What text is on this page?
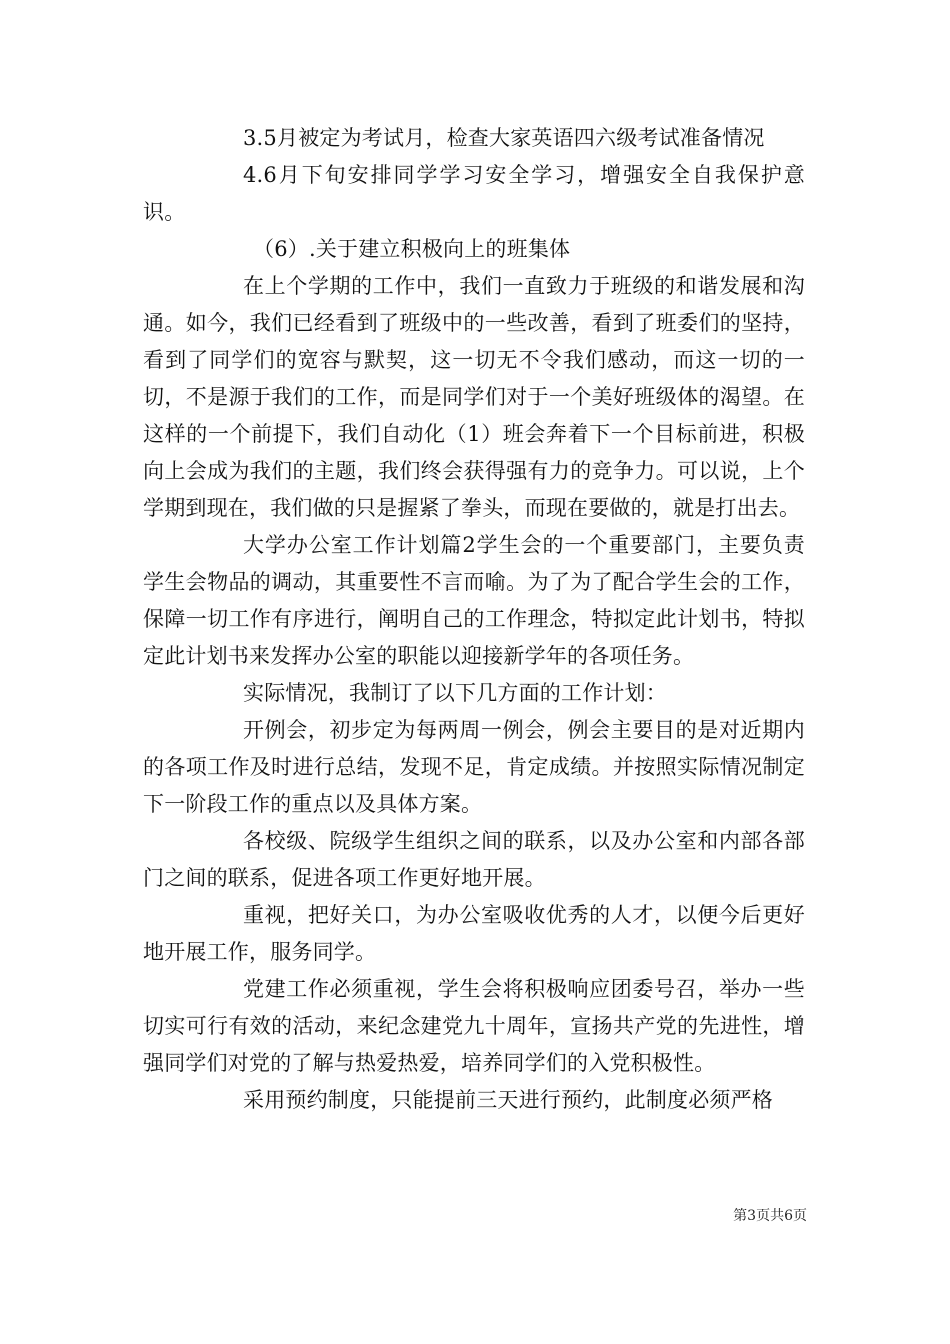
3.5月被定为考试月，检查大家英语四六级考试准备情况

4.6月下旬安排同学学习安全学习，增强安全自我保护意识。

（6）.关于建立积极向上的班集体

在上个学期的工作中，我们一直致力于班级的和谐发展和沟通。如今，我们已经看到了班级中的一些改善，看到了班委们的坚持，看到了同学们的宽容与默契，这一切无不令我们感动，而这一切的一切，不是源于我们的工作，而是同学们对于一个美好班级体的渴望。在这样的一个前提下，我们自动化（1）班会奔着下一个目标前进，积极向上会成为我们的主题，我们终会获得强有力的竞争力。可以说，上个学期到现在，我们做的只是握紧了拳头，而现在要做的，就是打出去。

大学办公室工作计划篇2学生会的一个重要部门，主要负责学生会物品的调动，其重要性不言而喻。为了为了配合学生会的工作，保障一切工作有序进行，阐明自己的工作理念，特拟定此计划书，特拟定此计划书来发挥办公室的职能以迎接新学年的各项任务。

实际情况，我制订了以下几方面的工作计划：

开例会，初步定为每两周一例会，例会主要目的是对近期内的各项工作及时进行总结，发现不足，肯定成绩。并按照实际情况制定下一阶段工作的重点以及具体方案。

各校级、院级学生组织之间的联系，以及办公室和内部各部门之间的联系，促进各项工作更好地开展。

重视，把好关口，为办公室吸收优秀的人才，以便今后更好地开展工作，服务同学。

党建工作必须重视，学生会将积极响应团委号召，举办一些切实可行有效的活动，来纪念建党九十周年，宣扬共产党的先进性，增强同学们对党的了解与热爱热爱，培养同学们的入党积极性。

采用预约制度，只能提前三天进行预约，此制度必须严格

第3页共6页
